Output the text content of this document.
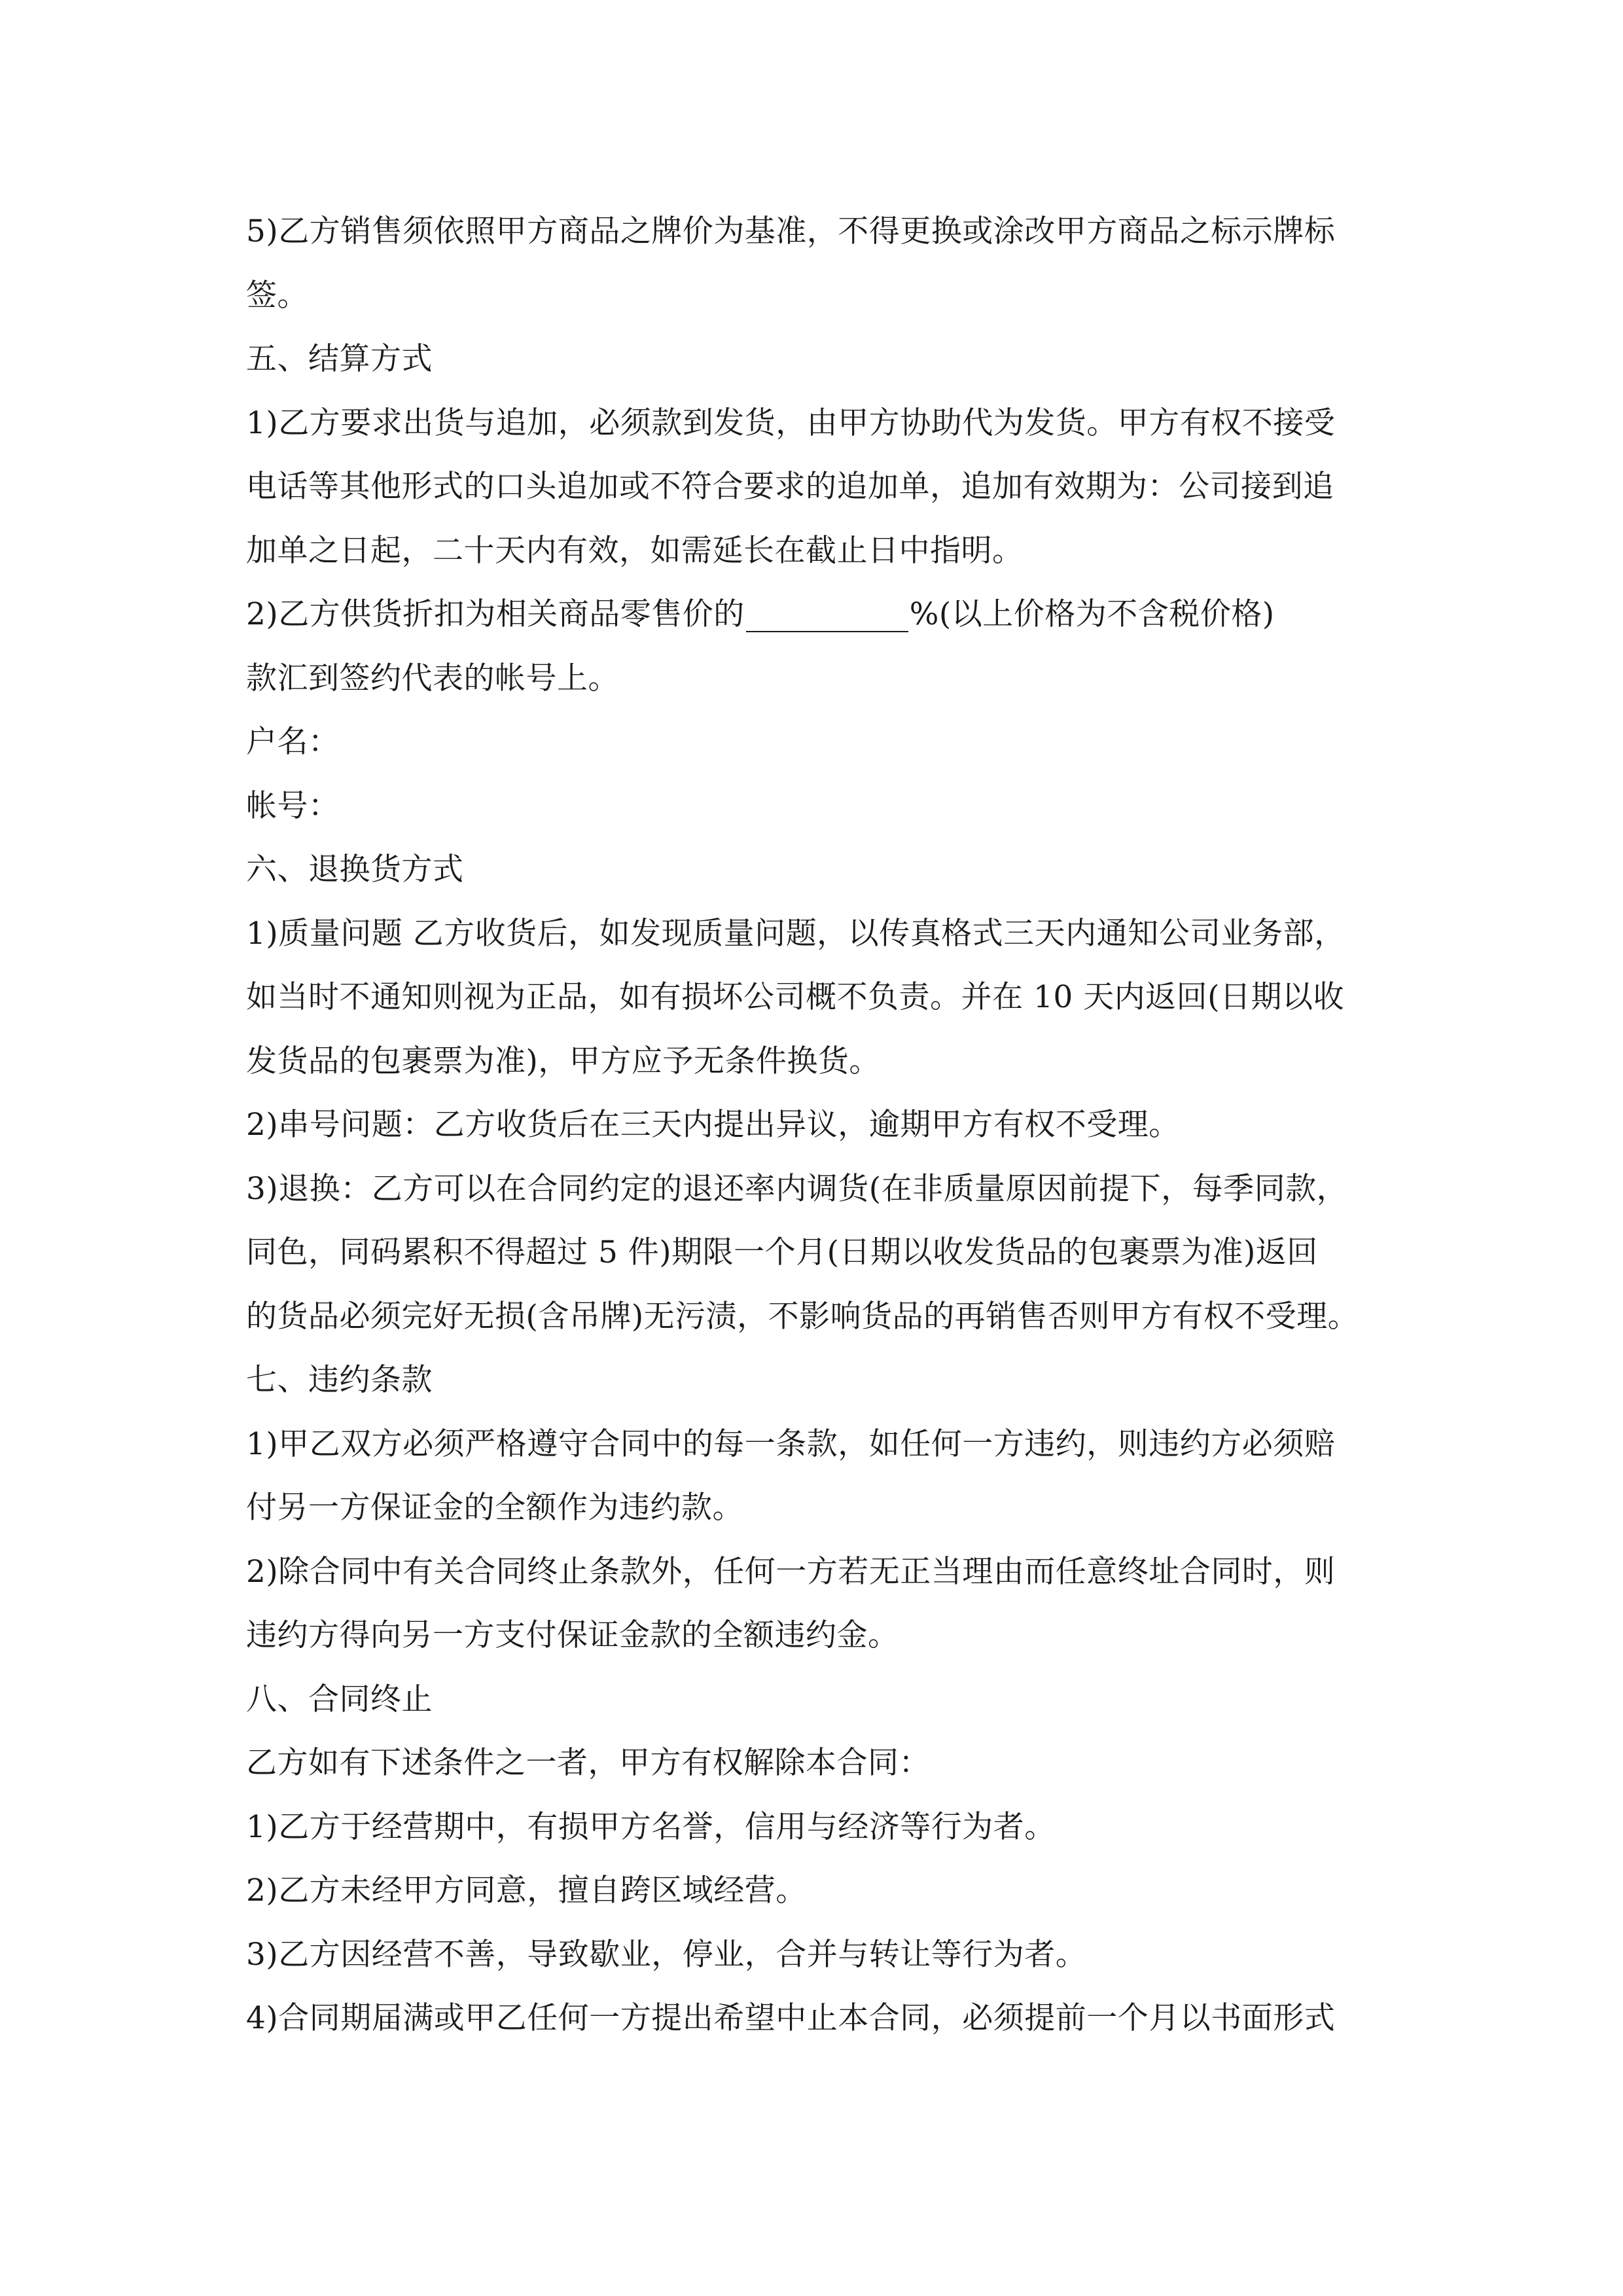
5)乙方销售须依照甲方商品之牌价为基准，不得更换或涂改甲方商品之标示牌标
签。
五、结算方式
1)乙方要求出货与追加，必须款到发货，由甲方协助代为发货。甲方有权不接受
电话等其他形式的口头追加或不符合要求的追加单，追加有效期为：公司接到追
加单之日起，二十天内有效，如需延长在截止日中指明。
2)乙方供货折扣为相关商品零售价的	%(以上价格为不含税价格)
款汇到签约代表的帐号上。
户名：
帐号：
六、退换货方式
1)质量问题 乙方收货后，如发现质量问题，以传真格式三天内通知公司业务部，
如当时不通知则视为正品，如有损坏公司概不负责。并在 10 天内返回(日期以收
发货品的包裹票为准)，甲方应予无条件换货。
2)串号问题：乙方收货后在三天内提出异议，逾期甲方有权不受理。
3)退换：乙方可以在合同约定的退还率内调货(在非质量原因前提下，每季同款，
同色，同码累积不得超过 5 件)期限一个月(日期以收发货品的包裹票为准)返回
的货品必须完好无损(含吊牌)无污渍，不影响货品的再销售否则甲方有权不受理。
七、违约条款
1)甲乙双方必须严格遵守合同中的每一条款，如任何一方违约，则违约方必须赔
付另一方保证金的全额作为违约款。
2)除合同中有关合同终止条款外，任何一方若无正当理由而任意终址合同时，则
违约方得向另一方支付保证金款的全额违约金。
八、合同终止
乙方如有下述条件之一者，甲方有权解除本合同：
1)乙方于经营期中，有损甲方名誉，信用与经济等行为者。
2)乙方未经甲方同意，擅自跨区域经营。
3)乙方因经营不善，导致歇业，停业，合并与转让等行为者。
4)合同期届满或甲乙任何一方提出希望中止本合同，必须提前一个月以书面形式
